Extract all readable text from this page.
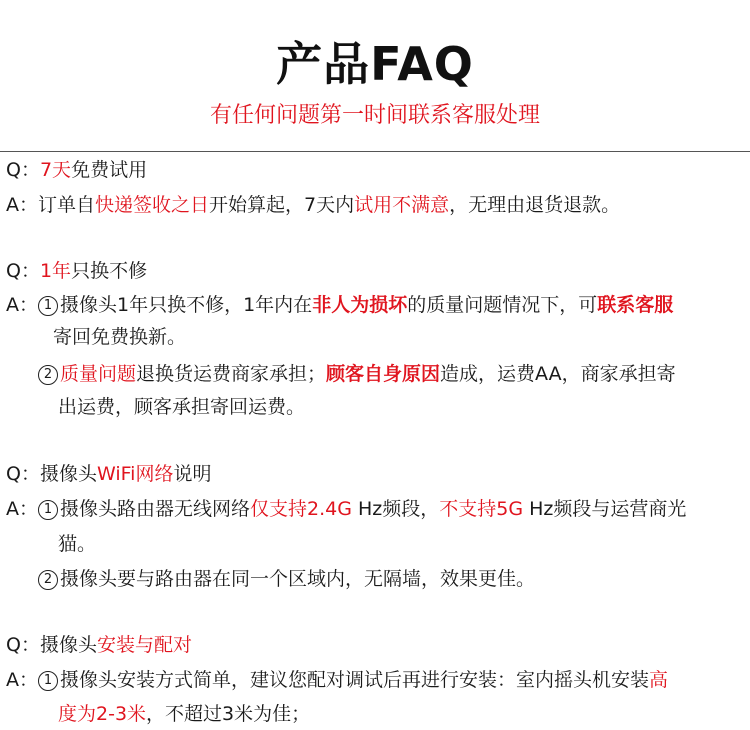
产品FAQ
有任何问题第一时间联系客服处理
Q：7天免费试用
A：订单自快递签收之日开始算起，7天内试用不满意，无理由退货退款。
Q：1年只换不修
A： 1 摄像头1年只换不修，1年内在非人为损坏的质量问题情况下，可联系客服
寄回免费换新。
2 质量问题退换货运费商家承担；顾客自身原因造成，运费AA，商家承担寄
出运费，顾客承担寄回运费。
Q：摄像头WiFi网络说明
A： 1 摄像头路由器无线网络仅支持2.4G Hz频段，不支持5G Hz频段与运营商光
猫。
2 摄像头要与路由器在同一个区域内，无隔墙，效果更佳。
Q：摄像头安装与配对
A： 1 摄像头安装方式简单，建议您配对调试后再进行安装：室内摇头机安装高
度为2-3米，不超过3米为佳；
